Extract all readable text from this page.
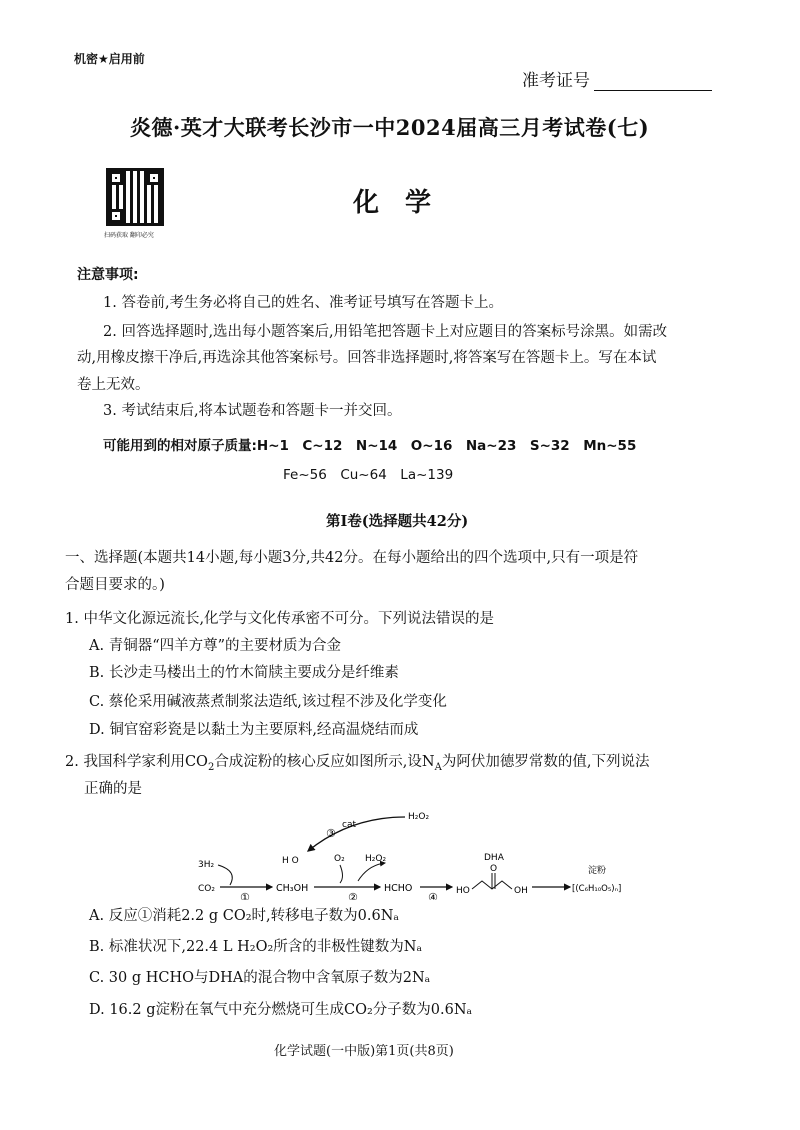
机密★启用前
准考证号
炎德·英才大联考长沙市一中2024届高三月考试卷(七)
扫码获取 翻印必究
化　学
注意事项:
1. 答卷前,考生务必将自己的姓名、准考证号填写在答题卡上。
2. 回答选择题时,选出每小题答案后,用铅笔把答题卡上对应题目的答案标号涂黑。如需改
动,用橡皮擦干净后,再选涂其他答案标号。回答非选择题时,将答案写在答题卡上。写在本试
卷上无效。
3. 考试结束后,将本试题卷和答题卡一并交回。
可能用到的相对原子质量:H~1　C~12　N~14　O~16　Na~23　S~32　Mn~55
Fe~56　Cu~64　La~139
第Ⅰ卷(选择题共42分)
一、选择题(本题共14小题,每小题3分,共42分。在每小题给出的四个选项中,只有一项是符
合题目要求的。)
1. 中华文化源远流长,化学与文化传承密不可分。下列说法错误的是
A. 青铜器“四羊方尊”的主要材质为合金
B. 长沙走马楼出土的竹木简牍主要成分是纤维素
C. 蔡伦采用碱液蒸煮制浆法造纸,该过程不涉及化学变化
D. 铜官窑彩瓷是以黏土为主要原料,经高温烧结而成
2. 我国科学家利用$CO_2$合成淀粉的核心反应如图所示,设$N_A$为阿伏加德罗常数的值,下列说法
正确的是
H₂O₂
cat
③
H O	O₂ H₂O₂
3H₂
CO₂
①
CH₃OH
②
HCHO
④
DHA
HO
O
OH
淀粉
[(C₆H₁₀O₅)ₙ]
A. 反应①消耗2.2 g CO₂时,转移电子数为0.6Nₐ
B. 标准状况下,22.4 L H₂O₂所含的非极性键数为Nₐ
C. 30 g HCHO与DHA的混合物中含氧原子数为2Nₐ
D. 16.2 g淀粉在氧气中充分燃烧可生成CO₂分子数为0.6Nₐ
化学试题(一中版)第1页(共8页)
